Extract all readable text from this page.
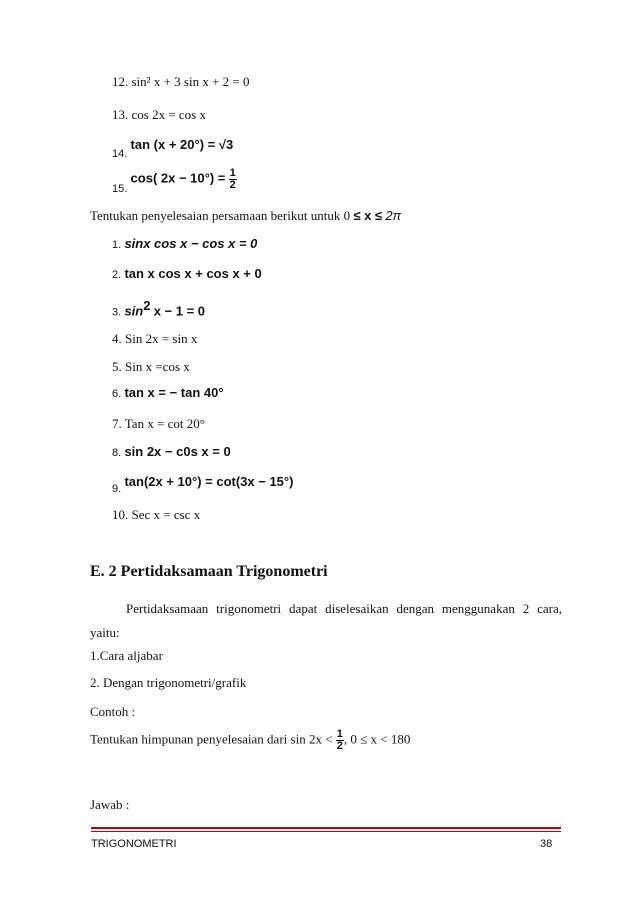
12. sin² x + 3 sin x + 2 = 0
13. cos 2x = cos x
$_{14.}$ tan (x + 20°) = √3
$_{15.}$ cos( $2x - 10^\circ) = \frac{1}{2}$
Tentukan penyelesaian persamaan berikut untuk 0 ≤ x ≤ 2π
1. sinx cos x − cos x = 0
2. tan x cos x + cos x + 0
3. $\sin^2 x - 1 = 0$
4. Sin 2x = sin x
5. Sin x =cos x
6. tan x = − tan 40°
7. Tan x = cot 20°
8. sin 2x − c0s x = 0
$_{9.}$ tan(2x + 10°) = cot(3x − 15°)
10. Sec x = csc x
E. 2 Pertidaksamaan Trigonometri
Pertidaksamaan trigonometri dapat diselesaikan dengan menggunakan 2 cara, yaitu:
1.Cara aljabar
2. Dengan trigonometri/grafik
Contoh :
Tentukan himpunan penyelesaian dari $\sin 2x < \frac{1}{2}$ , 0 ≤ x < 180
Jawab :
TRIGONOMETRI	38
